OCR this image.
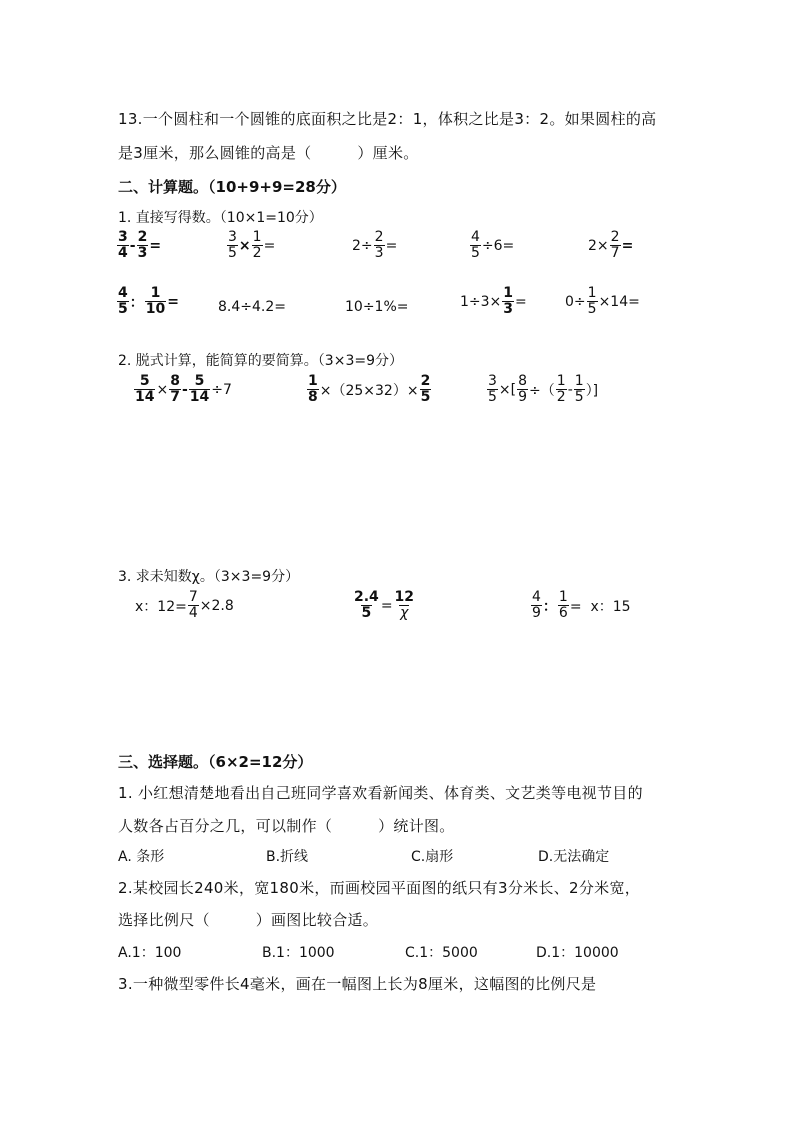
13.一个圆柱和一个圆锥的底面积之比是2：1，体积之比是3：2。如果圆柱的高
是3厘米，那么圆锥的高是（　　　）厘米。
二、计算题。（10+9+9=28分）
1. 直接写得数。（10×1=10分）
$\frac{3}{4} - \frac{2}{3}$ =	$\frac{3}{5} \times \frac{1}{2}$ =	$2\div \frac{2}{3}$ =	$\frac{4}{5} \div 6=$	$2\times \frac{2}{7}$ =
$\frac{4}{5}$ ： $\frac{1}{10}$ =	8.4÷4.2=	10÷1%=	$1\div 3\times \frac{1}{3}$ =	$0\div \frac{1}{5} \times 14=$
2. 脱式计算，能简算的要简算。（3×3=9分）
$\frac{5}{14} \times \frac{8}{7} - \frac{5}{14} \div 7$	$\frac{1}{8} \times(25\times 32)\times \frac{2}{5}$	$\frac{3}{5}$ ×[ $\frac{8}{9}$ ÷（ $\frac{1}{2} - \frac{1}{5}$ ）]
3. 求未知数χ。（3×3=9分）
x：$12= \frac{7}{4} \times 2.8$	$\frac{2.4}{5} = \frac{12}{\chi}$	$\frac{4}{9}$ ： $\frac{1}{6} = x$：15
三、选择题。（6×2=12分）
1. 小红想清楚地看出自己班同学喜欢看新闻类、体育类、文艺类等电视节目的
人数各占百分之几，可以制作（　　　）统计图。
A. 条形	B.折线	C.扇形	D.无法确定
2.某校园长240米，宽180米，而画校园平面图的纸只有3分米长、2分米宽，
选择比例尺（　　　）画图比较合适。
A.1：100	B.1：1000	C.1：5000	D.1：10000
3.一种微型零件长4毫米，画在一幅图上长为8厘米，这幅图的比例尺是
